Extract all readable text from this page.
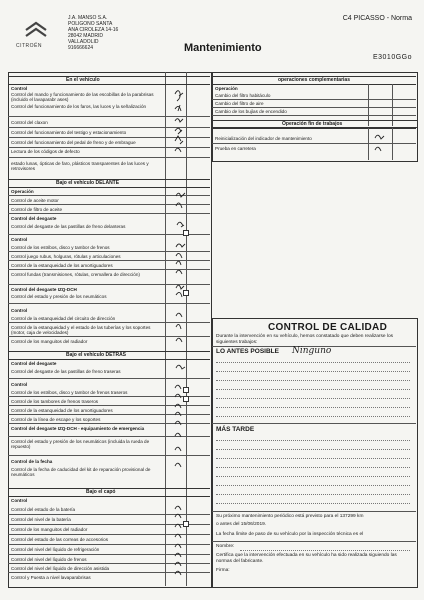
CITROËN
J.A. MANSO S.A.
POLIGONO SANTA
ANA CIROLEZA 14-16
28042 MADRID
VALLADOLID
916666624
C4 PICASSO - Norma
Mantenimiento
E3010GGo
En el vehículo
Control
Control del mando y funcionamiento de las escobillas de la parabrisas (incluido el lavaparabr ases)
Control del funcionamiento de los faros, las luces y la señalización
Control del claxon
Control del funcionamiento del testigo y estacionamiento
Control del funcionamiento del pedal de freno y de embrague
Lectura de los códigos de defecto
estado lunas, ópticas de faro, plásticos transparentes de las luces y retrovisores
Bajo el vehículo DELANTE
Operación
Control de aceite motor
Control de filtro de aceite
Control del desgaste
Control del desgaste de las pastillas de freno delanteras
Control
Control de los estribos, disco y tambor de frenos
Control juego rubus, holguras, rótulas y articulaciones
Control de la estanqueidad de los amortiguadores
Control fundas (transmisiones, rótulas, cremallera de dirección)
Control del desgaste IZQ-DCH
Control del estado y presión de los neumáticos
Control
Control de la estanqueidad del circuito de dirección
Control de la estanqueidad y el estado de las tuberías y los soportes (motor, caja de velocidades)
Control de los manguitos del radiador
Bajo el vehículo DETRÁS
Control del desgaste
Control del desgaste de las pastillas de freno traseras
Control
Control de los estribos, disco y tambor de frenos traseros
Control de los tambores de frenos traseros
Control de la estanqueidad de los amortiguadores
Control de la línea de escape y los soportes
Control del desgaste IZQ-DCH - equipamiento de emergencia
Control del estado y presión de los neumáticos (incluida la rueda de repuesto)
Control de la fecha
Control de la fecha de caducidad del kit de reparación provisional de neumáticos
Bajo el capó
Control
Control del estado de la batería
Control del nivel de la batería
Control de los manguitos del radiador
Control del estado de las correas de accesorios
Control del nivel del líquido de refrigeración
Control del nivel del líquido de frenos
Control del nivel del líquido de dirección asistida
Control y Puesta a nivel lavaparabrisas
operaciones complementarias
Operación
Cambio del filtro habitáculo
Cambio del filtro de aire
Cambio de los bujías de encendido
Operación fin de trabajos
Reinicialización del indicador de mantenimiento
Prueba en carretera
CONTROL DE CALIDAD
Durante la intervención en su vehículo, hemos constatado que deben realizarse los siguientes trabajos:
LO ANTES POSIBLE Ninguno
MÁS TARDE
Su próximo mantenimiento periódico está previsto para el 137299 km
o antes del 15/06/2019.
La fecha límite de paso de su vehículo por la inspección técnica es el
Nombre:
Certifica que la intervención efectuada en su vehículo ha sido realizada siguiendo las normas del fabricante.
Firma:
